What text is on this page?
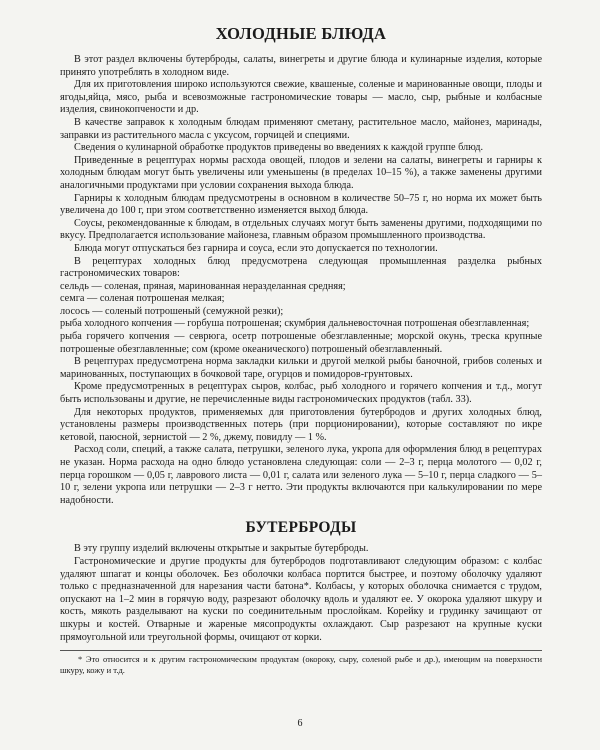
ХОЛОДНЫЕ БЛЮДА

В этот раздел включены бутерброды, салаты, винегреты и другие блюда и кулинарные изделия, которые принято употреблять в холодном виде.

Для их приготовления широко используются свежие, квашеные, соленые и маринованные овощи, плоды и ягоды,яйца, мясо, рыба и всевозможные гастрономические товары — масло, сыр, рыбные и колбасные изделия, свинокопчености и др.

В качестве заправок к холодным блюдам применяют сметану, растительное масло, майонез, маринады, заправки из растительного масла с уксусом, горчицей и специями.

Сведения о кулинарной обработке продуктов приведены во введениях к каждой группе блюд.

Приведенные в рецептурах нормы расхода овощей, плодов и зелени на салаты, винегреты и гарниры к холодным блюдам могут быть увеличены или уменьшены (в пределах 10–15 %), а также заменены другими аналогичными продуктами при условии сохранения выхода блюда.

Гарниры к холодным блюдам предусмотрены в основном в количестве 50–75 г, но норма их может быть увеличена до 100 г, при этом соответственно изменяется выход блюда.

Соусы, рекомендованные к блюдам, в отдельных случаях могут быть заменены другими, подходящими по вкусу. Предполагается использование майонеза, главным образом промышленного производства.

Блюда могут отпускаться без гарнира и соуса, если это допускается по технологии.

В рецептурах холодных блюд предусмотрена следующая промышленная разделка рыбных гастрономических товаров:

сельдь — соленая, пряная, маринованная неразделанная средняя;

семга — соленая потрошеная мелкая;

лосось — соленый потрошеный (семужной резки);

рыба холодного копчения — горбуша потрошеная; скумбрия дальневосточная потрошеная обезглавленная;

рыба горячего копчения — севрюга, осетр потрошеные обезглавленные; морской окунь, треска крупные потрошеные обезглавленные; сом (кроме океанического) потрошеный обезглавленный.

В рецептурах предусмотрена норма закладки кильки и другой мелкой рыбы баночной, грибов соленых и маринованных, поступающих в бочковой таре, огурцов и помидоров-грунтовых.

Кроме предусмотренных в рецептурах сыров, колбас, рыб холодного и горячего копчения и т.д., могут быть использованы и другие, не перечисленные виды гастрономических продуктов (табл. 33).

Для некоторых продуктов, применяемых для приготовления бутербродов и других холодных блюд, установлены размеры производственных потерь (при порционировании), которые составляют по икре кетовой, паюсной, зернистой — 2 %, джему, повидлу — 1 %.

Расход соли, специй, а также салата, петрушки, зеленого лука, укропа для оформления блюд в рецептурах не указан. Норма расхода на одно блюдо установлена следующая: соли — 2–3 г, перца молотого — 0,02 г, перца горошком — 0,05 г, лаврового листа — 0,01 г, салата или зеленого лука — 5–10 г, перца сладкого — 5–10 г, зелени укропа или петрушки — 2–3 г нетто. Эти продукты включаются при калькулировании по мере надобности.

БУТЕРБРОДЫ

В эту группу изделий включены открытые и закрытые бутерброды.

Гастрономические и другие продукты для бутербродов подготавливают следующим образом: с колбас удаляют шпагат и концы оболочек. Без оболочки колбаса портится быстрее, и поэтому оболочку удаляют только с предназначенной для нарезания части батона*. Колбасы, у которых оболочка снимается с трудом, опускают на 1–2 мин в горячую воду, разрезают оболочку вдоль и удаляют ее. У окорока удаляют шкуру и кость, мякоть разделывают на куски по соединительным прослойкам. Корейку и грудинку зачищают от шкуры и костей. Отварные и жареные мясопродукты охлаждают. Сыр разрезают на крупные куски прямоугольной или треугольной формы, очищают от корки.

* Это относится и к другим гастрономическим продуктам (окороку, сыру, соленой рыбе и др.), имеющим на поверхности шкуру, кожу и т.д.

6
